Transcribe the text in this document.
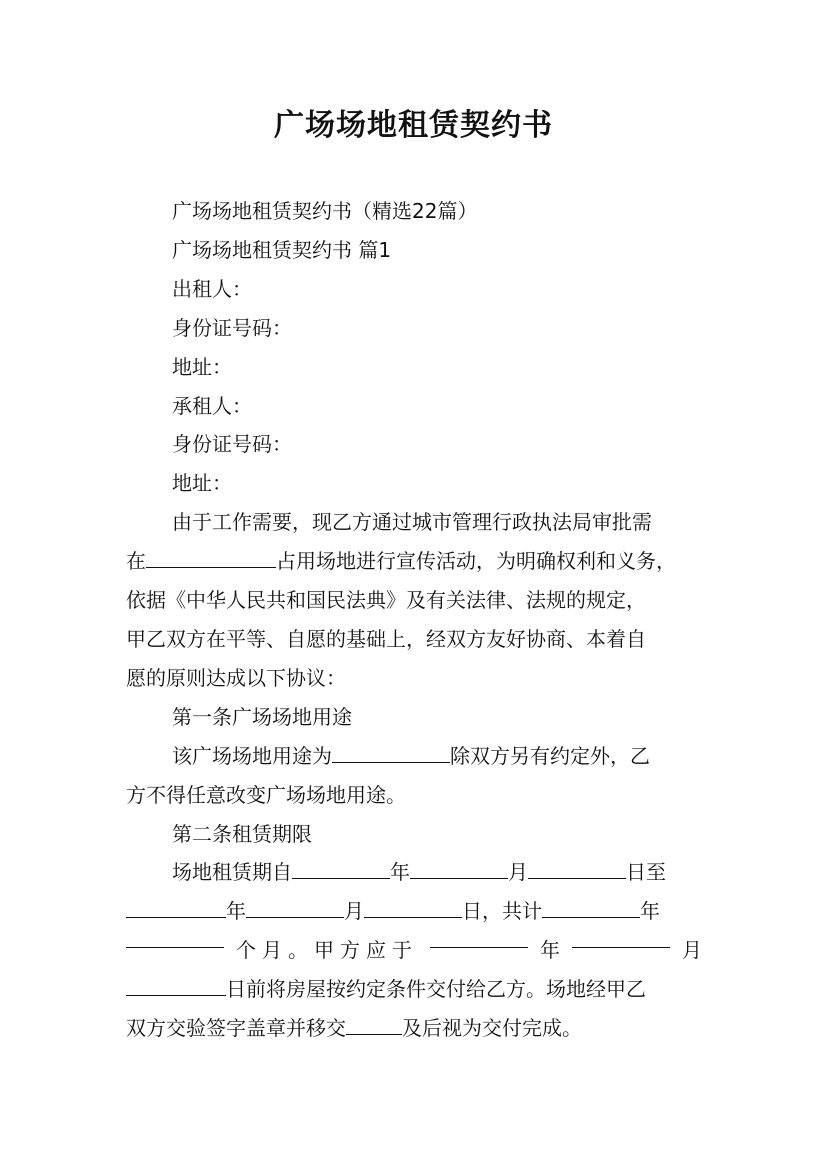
广场场地租赁契约书

广场场地租赁契约书（精选22篇）

广场场地租赁契约书 篇1

出租人：

身份证号码：

地址：

承租人：

身份证号码：

地址：

由于工作需要，现乙方通过城市管理行政执法局审批需

在	占用场地进行宣传活动，为明确权利和义务，

依据《中华人民共和国民法典》及有关法律、法规的规定，

甲乙双方在平等、自愿的基础上，经双方友好协商、本着自

愿的原则达成以下协议：

第一条广场场地用途

该广场场地用途为	除双方另有约定外，乙

方不得任意改变广场场地用途。

第二条租赁期限

场地租赁期自	年	月	日至

年	月	日，共计	年

个月。甲方应于	年	月

日前将房屋按约定条件交付给乙方。场地经甲乙

双方交验签字盖章并移交	及后视为交付完成。
